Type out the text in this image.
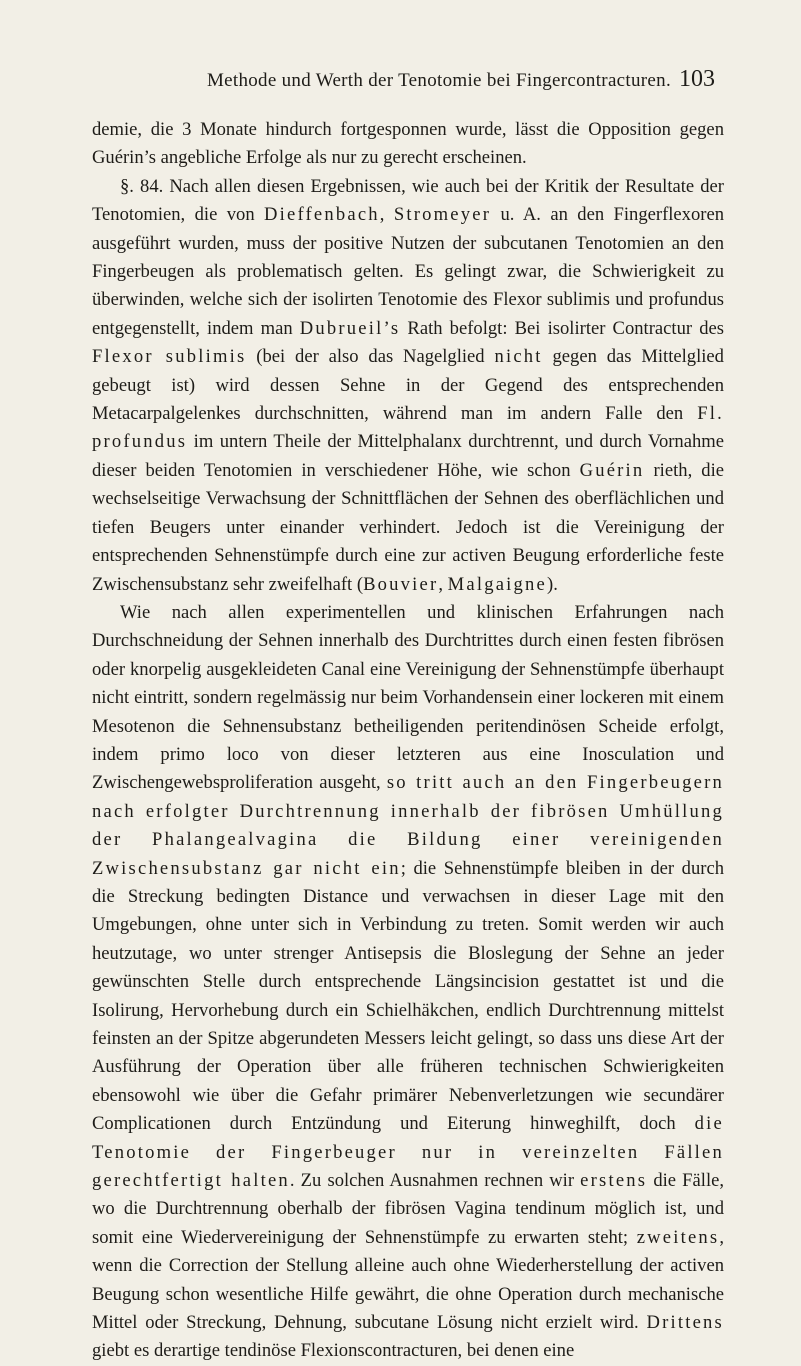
Methode und Werth der Tenotomie bei Fingercontracturen. 103

demie, die 3 Monate hindurch fortgesponnen wurde, lässt die Opposition gegen Guérin’s angebliche Erfolge als nur zu gerecht erscheinen.

§. 84. Nach allen diesen Ergebnissen, wie auch bei der Kritik der Resultate der Tenotomien, die von Dieffenbach, Stromeyer u. A. an den Fingerflexoren ausgeführt wurden, muss der positive Nutzen der subcutanen Tenotomien an den Fingerbeugen als problematisch gelten. Es gelingt zwar, die Schwierigkeit zu überwinden, welche sich der isolirten Tenotomie des Flexor sublimis und profundus entgegenstellt, indem man Dubrueil’s Rath befolgt: Bei isolirter Contractur des Flexor sublimis (bei der also das Nagelglied nicht gegen das Mittelglied gebeugt ist) wird dessen Sehne in der Gegend des entsprechenden Metacarpalgelenkes durchschnitten, während man im andern Falle den Fl. profundus im untern Theile der Mittelphalanx durchtrennt, und durch Vornahme dieser beiden Tenotomien in verschiedener Höhe, wie schon Guérin rieth, die wechselseitige Verwachsung der Schnittflächen der Sehnen des oberflächlichen und tiefen Beugers unter einander verhindert. Jedoch ist die Vereinigung der entsprechenden Sehnenstümpfe durch eine zur activen Beugung erforderliche feste Zwischensubstanz sehr zweifelhaft (Bouvier, Malgaigne).

Wie nach allen experimentellen und klinischen Erfahrungen nach Durchschneidung der Sehnen innerhalb des Durchtrittes durch einen festen fibrösen oder knorpelig ausgekleideten Canal eine Vereinigung der Sehnenstümpfe überhaupt nicht eintritt, sondern regelmässig nur beim Vorhandensein einer lockeren mit einem Mesotenon die Sehnensubstanz betheiligenden peritendinösen Scheide erfolgt, indem primo loco von dieser letzteren aus eine Inosculation und Zwischengewebsproliferation ausgeht, so tritt auch an den Fingerbeugern nach erfolgter Durchtrennung innerhalb der fibrösen Umhüllung der Phalangealvagina die Bildung einer vereinigenden Zwischensubstanz gar nicht ein; die Sehnenstümpfe bleiben in der durch die Streckung bedingten Distance und verwachsen in dieser Lage mit den Umgebungen, ohne unter sich in Verbindung zu treten. Somit werden wir auch heutzutage, wo unter strenger Antisepsis die Bloslegung der Sehne an jeder gewünschten Stelle durch entsprechende Längsincision gestattet ist und die Isolirung, Hervorhebung durch ein Schielhäkchen, endlich Durchtrennung mittelst feinsten an der Spitze abgerundeten Messers leicht gelingt, so dass uns diese Art der Ausführung der Operation über alle früheren technischen Schwierigkeiten ebensowohl wie über die Gefahr primärer Nebenverletzungen wie secundärer Complicationen durch Entzündung und Eiterung hinweghilft, doch die Tenotomie der Fingerbeuger nur in vereinzelten Fällen gerechtfertigt halten. Zu solchen Ausnahmen rechnen wir erstens die Fälle, wo die Durchtrennung oberhalb der fibrösen Vagina tendinum möglich ist, und somit eine Wiedervereinigung der Sehnenstümpfe zu erwarten steht; zweitens, wenn die Correction der Stellung alleine auch ohne Wiederherstellung der activen Beugung schon wesentliche Hilfe gewährt, die ohne Operation durch mechanische Mittel oder Streckung, Dehnung, subcutane Lösung nicht erzielt wird. Drittens giebt es derartige tendinöse Flexionscontracturen, bei denen eine
